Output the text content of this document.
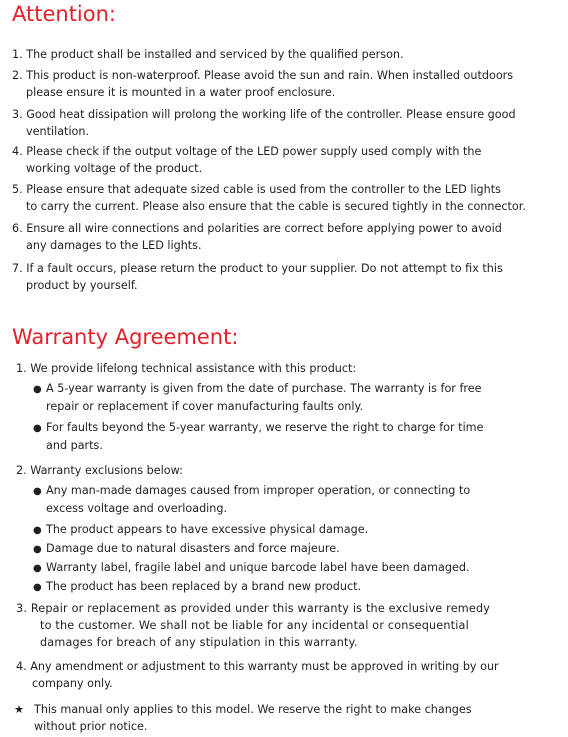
Attention:
1. The product shall be installed and serviced by the qualified person.
2. This product is non-waterproof. Please avoid the sun and rain. When installed outdoors
please ensure it is mounted in a water proof enclosure.
3. Good heat dissipation will prolong the working life of the controller. Please ensure good
ventilation.
4. Please check if the output voltage of the LED power supply used comply with the
working voltage of the product.
5. Please ensure that adequate sized cable is used from the controller to the LED lights
to carry the current. Please also ensure that the cable is secured tightly in the connector.
6. Ensure all wire connections and polarities are correct before applying power to avoid
any damages to the LED lights.
7. If a fault occurs, please return the product to your supplier. Do not attempt to fix this
product by yourself.
Warranty Agreement:
1. We provide lifelong technical assistance with this product:
● A 5-year warranty is given from the date of purchase. The warranty is for free
repair or replacement if cover manufacturing faults only.
● For faults beyond the 5-year warranty, we reserve the right to charge for time
and parts.
2. Warranty exclusions below:
● Any man-made damages caused from improper operation, or connecting to
excess voltage and overloading.
● The product appears to have excessive physical damage.
● Damage due to natural disasters and force majeure.
● Warranty label, fragile label and unique barcode label have been damaged.
● The product has been replaced by a brand new product.
3. Repair or replacement as provided under this warranty is the exclusive remedy
to the customer. We shall not be liable for any incidental or consequential
damages for breach of any stipulation in this warranty.
4. Any amendment or adjustment to this warranty must be approved in writing by our
company only.
★ This manual only applies to this model. We reserve the right to make changes
without prior notice.
